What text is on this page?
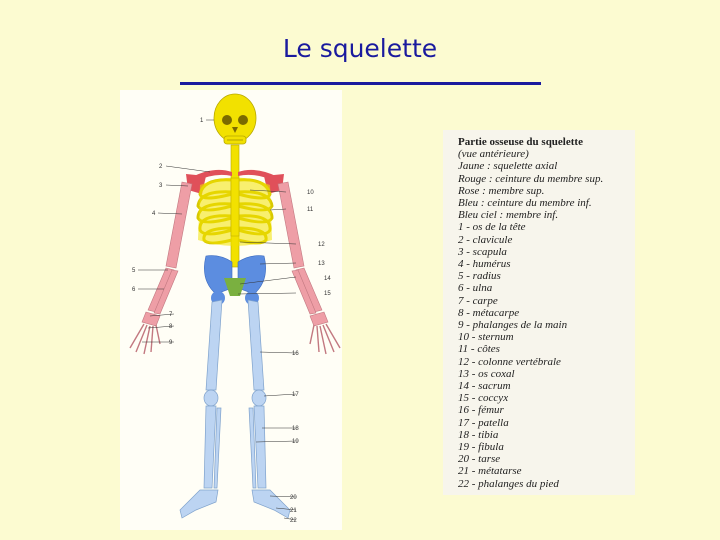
Le squelette
1
2
3
4
5
6
7
8
9
10
11
12
13
14
15
16
17
18
19
20
21
22
Partie osseuse du squelette
(vue antérieure)
Jaune : squelette axial
Rouge : ceinture du membre sup.
Rose : membre sup.
Bleu : ceinture du membre inf.
Bleu ciel : membre inf.
1 - os de la tête
2 - clavicule
3 - scapula
4 - humérus
5 - radius
6 - ulna
7 - carpe
8 - métacarpe
9 - phalanges de la main
10 - sternum
11 - côtes
12 - colonne vertébrale
13 - os coxal
14 - sacrum
15 - coccyx
16 - fémur
17 - patella
18 - tibia
19 - fibula
20 - tarse
21 - métatarse
22 - phalanges du pied
